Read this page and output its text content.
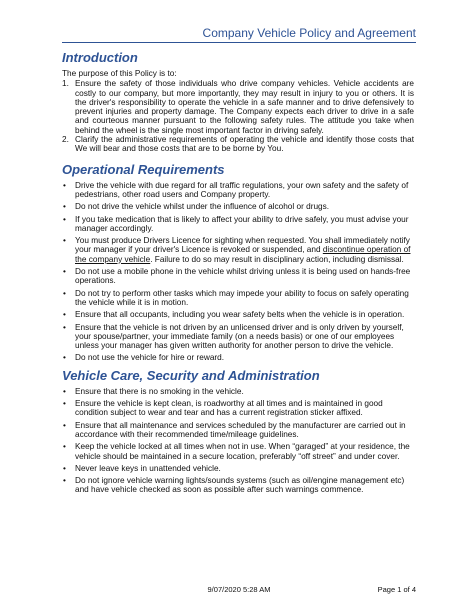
Company Vehicle Policy and Agreement
Introduction

The purpose of this Policy is to:

1. Ensure the safety of those individuals who drive company vehicles. Vehicle accidents are costly to our company, but more importantly, they may result in injury to you or others. It is the driver's responsibility to operate the vehicle in a safe manner and to drive defensively to prevent injuries and property damage. The Company expects each driver to drive in a safe and courteous manner pursuant to the following safety rules. The attitude you take when behind the wheel is the single most important factor in driving safely.
2. Clarify the administrative requirements of operating the vehicle and identify those costs that We will bear and those costs that are to be borne by You.
Operational Requirements
• Drive the vehicle with due regard for all traffic regulations, your own safety and the safety of pedestrians, other road users and Company property.
• Do not drive the vehicle whilst under the influence of alcohol or drugs.
• If you take medication that is likely to affect your ability to drive safely, you must advise your manager accordingly.
• You must produce Drivers Licence for sighting when requested. You shall immediately notify your manager if your driver's Licence is revoked or suspended, and discontinue operation of the company vehicle. Failure to do so may result in disciplinary action, including dismissal.
• Do not use a mobile phone in the vehicle whilst driving unless it is being used on hands-free operations.
• Do not try to perform other tasks which may impede your ability to focus on safely operating the vehicle while it is in motion.
• Ensure that all occupants, including you wear safety belts when the vehicle is in operation.
• Ensure that the vehicle is not driven by an unlicensed driver and is only driven by yourself, your spouse/partner, your immediate family (on a needs basis) or one of our employees unless your manager has given written authority for another person to drive the vehicle.
• Do not use the vehicle for hire or reward.
Vehicle Care, Security and Administration
• Ensure that there is no smoking in the vehicle.
• Ensure the vehicle is kept clean, is roadworthy at all times and is maintained in good condition subject to wear and tear and has a current registration sticker affixed.
• Ensure that all maintenance and services scheduled by the manufacturer are carried out in accordance with their recommended time/mileage guidelines.
• Keep the vehicle locked at all times when not in use. When “garaged” at your residence, the vehicle should be maintained in a secure location, preferably “off street” and under cover.
• Never leave keys in unattended vehicle.
• Do not ignore vehicle warning lights/sounds systems (such as oil/engine management etc) and have vehicle checked as soon as possible after such warnings commence.
9/07/2020 5:28 AM	Page 1 of 4
